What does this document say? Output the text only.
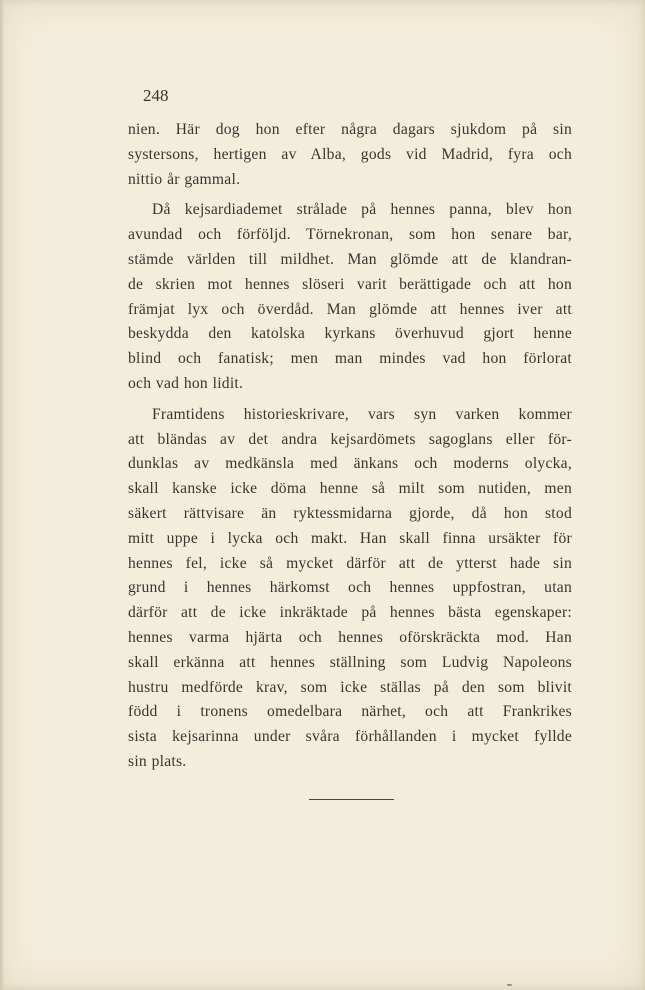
248

nien. Här dog hon efter några dagars sjukdom på sin
systersons, hertigen av Alba, gods vid Madrid, fyra och
nittio år gammal.
Då kejsardiademet strålade på hennes panna, blev hon
avundad och förföljd. Törnekronan, som hon senare bar,
stämde världen till mildhet. Man glömde att de klandran-
de skrien mot hennes slöseri varit berättigade och att hon
främjat lyx och överdåd. Man glömde att hennes iver att
beskydda den katolska kyrkans överhuvud gjort henne
blind och fanatisk; men man mindes vad hon förlorat
och vad hon lidit.
Framtidens historieskrivare, vars syn varken kommer
att bländas av det andra kejsardömets sagoglans eller för-
dunklas av medkänsla med änkans och moderns olycka,
skall kanske icke döma henne så milt som nutiden, men
säkert rättvisare än ryktessmidarna gjorde, då hon stod
mitt uppe i lycka och makt. Han skall finna ursäkter för
hennes fel, icke så mycket därför att de ytterst hade sin
grund i hennes härkomst och hennes uppfostran, utan
därför att de icke inkräktade på hennes bästa egenskaper:
hennes varma hjärta och hennes oförskräckta mod. Han
skall erkänna att hennes ställning som Ludvig Napoleons
hustru medförde krav, som icke ställas på den som blivit
född i tronens omedelbara närhet, och att Frankrikes
sista kejsarinna under svåra förhållanden i mycket fyllde
sin plats.
